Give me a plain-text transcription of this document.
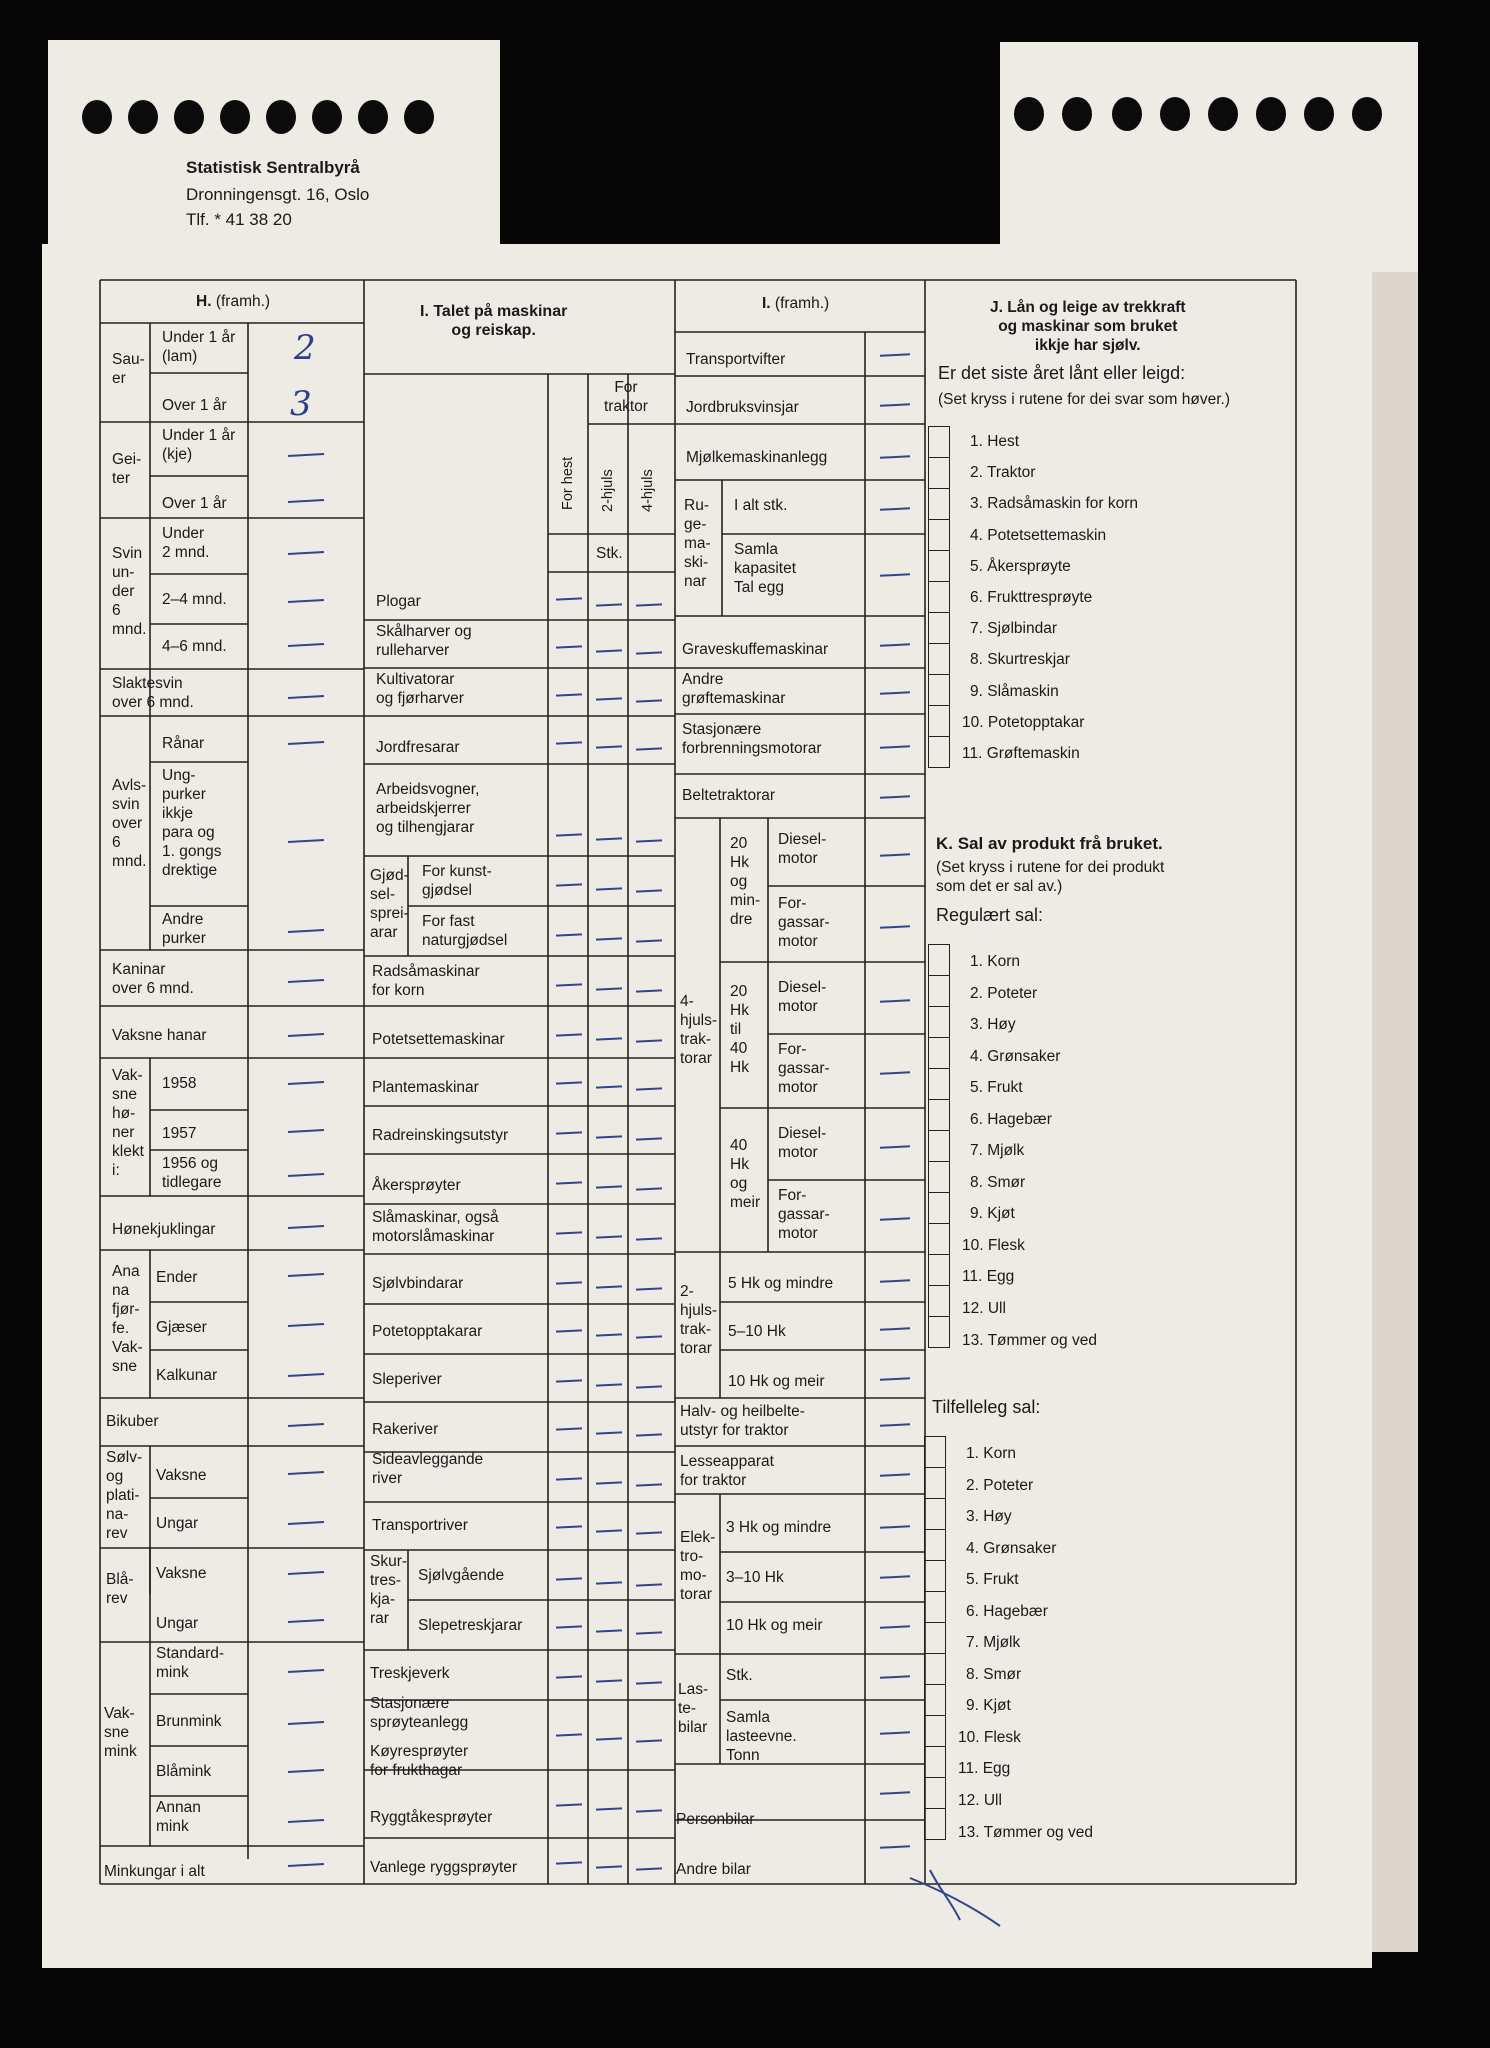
Statistisk Sentralbyrå
Dronningensgt. 16, Oslo
Tlf. * 41 38 20
H. (framh.)
Sau-
er
Under 1 år
(lam)
Over 1 år
Gei-
ter
Under 1 år
(kje)
Over 1 år
Svin
un-
der
6
mnd.
Under
2 mnd.
2–4 mnd.
4–6 mnd.
Slaktesvin
over 6 mnd.
Avls-
svin
over
6
mnd.
Rånar
Ung-
purker
ikkje
para og
1. gongs
drektige
Andre
purker
Kaninar
over 6 mnd.
Vaksne hanar
Vak-
sne
hø-
ner
klekt
i:
1958
1957
1956 og
tidlegare
Hønekjuklingar
Ana
na
fjør-
fe.
Vak-
sne
Ender
Gjæser
Kalkunar
Bikuber
Sølv-
og
plati-
na-
rev
Vaksne
Ungar
Blå-
rev
Vaksne
Ungar
Vak-
sne
mink
Standard-
mink
Brunmink
Blåmink
Annan
mink
Minkungar i alt
2
3
I. Talet på maskinar
og reiskap.
For
traktor
For hest 2-hjuls 4-hjuls
Stk.
Plogar
Skålharver og
rulleharver
Kultivatorar
og fjørharver
Jordfresarar
Arbeidsvogner,
arbeidskjerrer
og tilhengjarar
Gjød-
sel-
sprei-
arar
For kunst-
gjødsel
For fast
naturgjødsel
Radsåmaskinar
for korn
Potetsettemaskinar
Plantemaskinar
Radreinskingsutstyr
Åkersprøyter
Slåmaskinar, også
motorslåmaskinar
Sjølvbindarar
Potetopptakarar
Sleperiver
Rakeriver
Sideavleggande
river
Transportriver
Skur-
tres-
kja-
rar
Sjølvgående
Slepetreskjarar
Treskjeverk
Stasjonære
sprøyteanlegg
Køyresprøyter
for frukthagar
Ryggtåkesprøyter
Vanlege ryggsprøyter
I. (framh.)
Transportvifter
Jordbruksvinsjar
Mjølkemaskinanlegg
Ru-
ge-
ma-
ski-
nar
I alt stk.
Samla
kapasitet
Tal egg
Graveskuffemaskinar
Andre
grøftemaskinar
Stasjonære
forbrenningsmotorar
Beltetraktorar
4-
hjuls-
trak-
torar
20
Hk
og
min-
dre
20
Hk
til
40
Hk
40
Hk
og
meir
Diesel-
motor
For-
gassar-
motor
Diesel-
motor
For-
gassar-
motor
Diesel-
motor
For-
gassar-
motor
2-
hjuls-
trak-
torar
5 Hk og mindre
5–10 Hk
10 Hk og meir
Halv- og heilbelte-
utstyr for traktor
Lesseapparat
for traktor
Elek-
tro-
mo-
torar
3 Hk og mindre
3–10 Hk
10 Hk og meir
Las-
te-
bilar
Stk.
Samla
lasteevne.
Tonn
Personbilar
Andre bilar
J. Lån og leige av trekkraft
og maskinar som bruket
ikkje har sjølv.
Er det siste året lånt eller leigd:
(Set kryss i rutene for dei svar som høver.)
1. Hest
2. Traktor
3. Radsåmaskin for korn
4. Potetsettemaskin
5. Åkersprøyte
6. Frukttresprøyte
7. Sjølbindar
8. Skurtreskjar
9. Slåmaskin
10. Potetopptakar
11. Grøftemaskin
K. Sal av produkt frå bruket.
(Set kryss i rutene for dei produkt
som det er sal av.)
Regulært sal:
1. Korn
2. Poteter
3. Høy
4. Grønsaker
5. Frukt
6. Hagebær
7. Mjølk
8. Smør
9. Kjøt
10. Flesk
11. Egg
12. Ull
13. Tømmer og ved
Tilfelleleg sal:
1. Korn
2. Poteter
3. Høy
4. Grønsaker
5. Frukt
6. Hagebær
7. Mjølk
8. Smør
9. Kjøt
10. Flesk
11. Egg
12. Ull
13. Tømmer og ved
